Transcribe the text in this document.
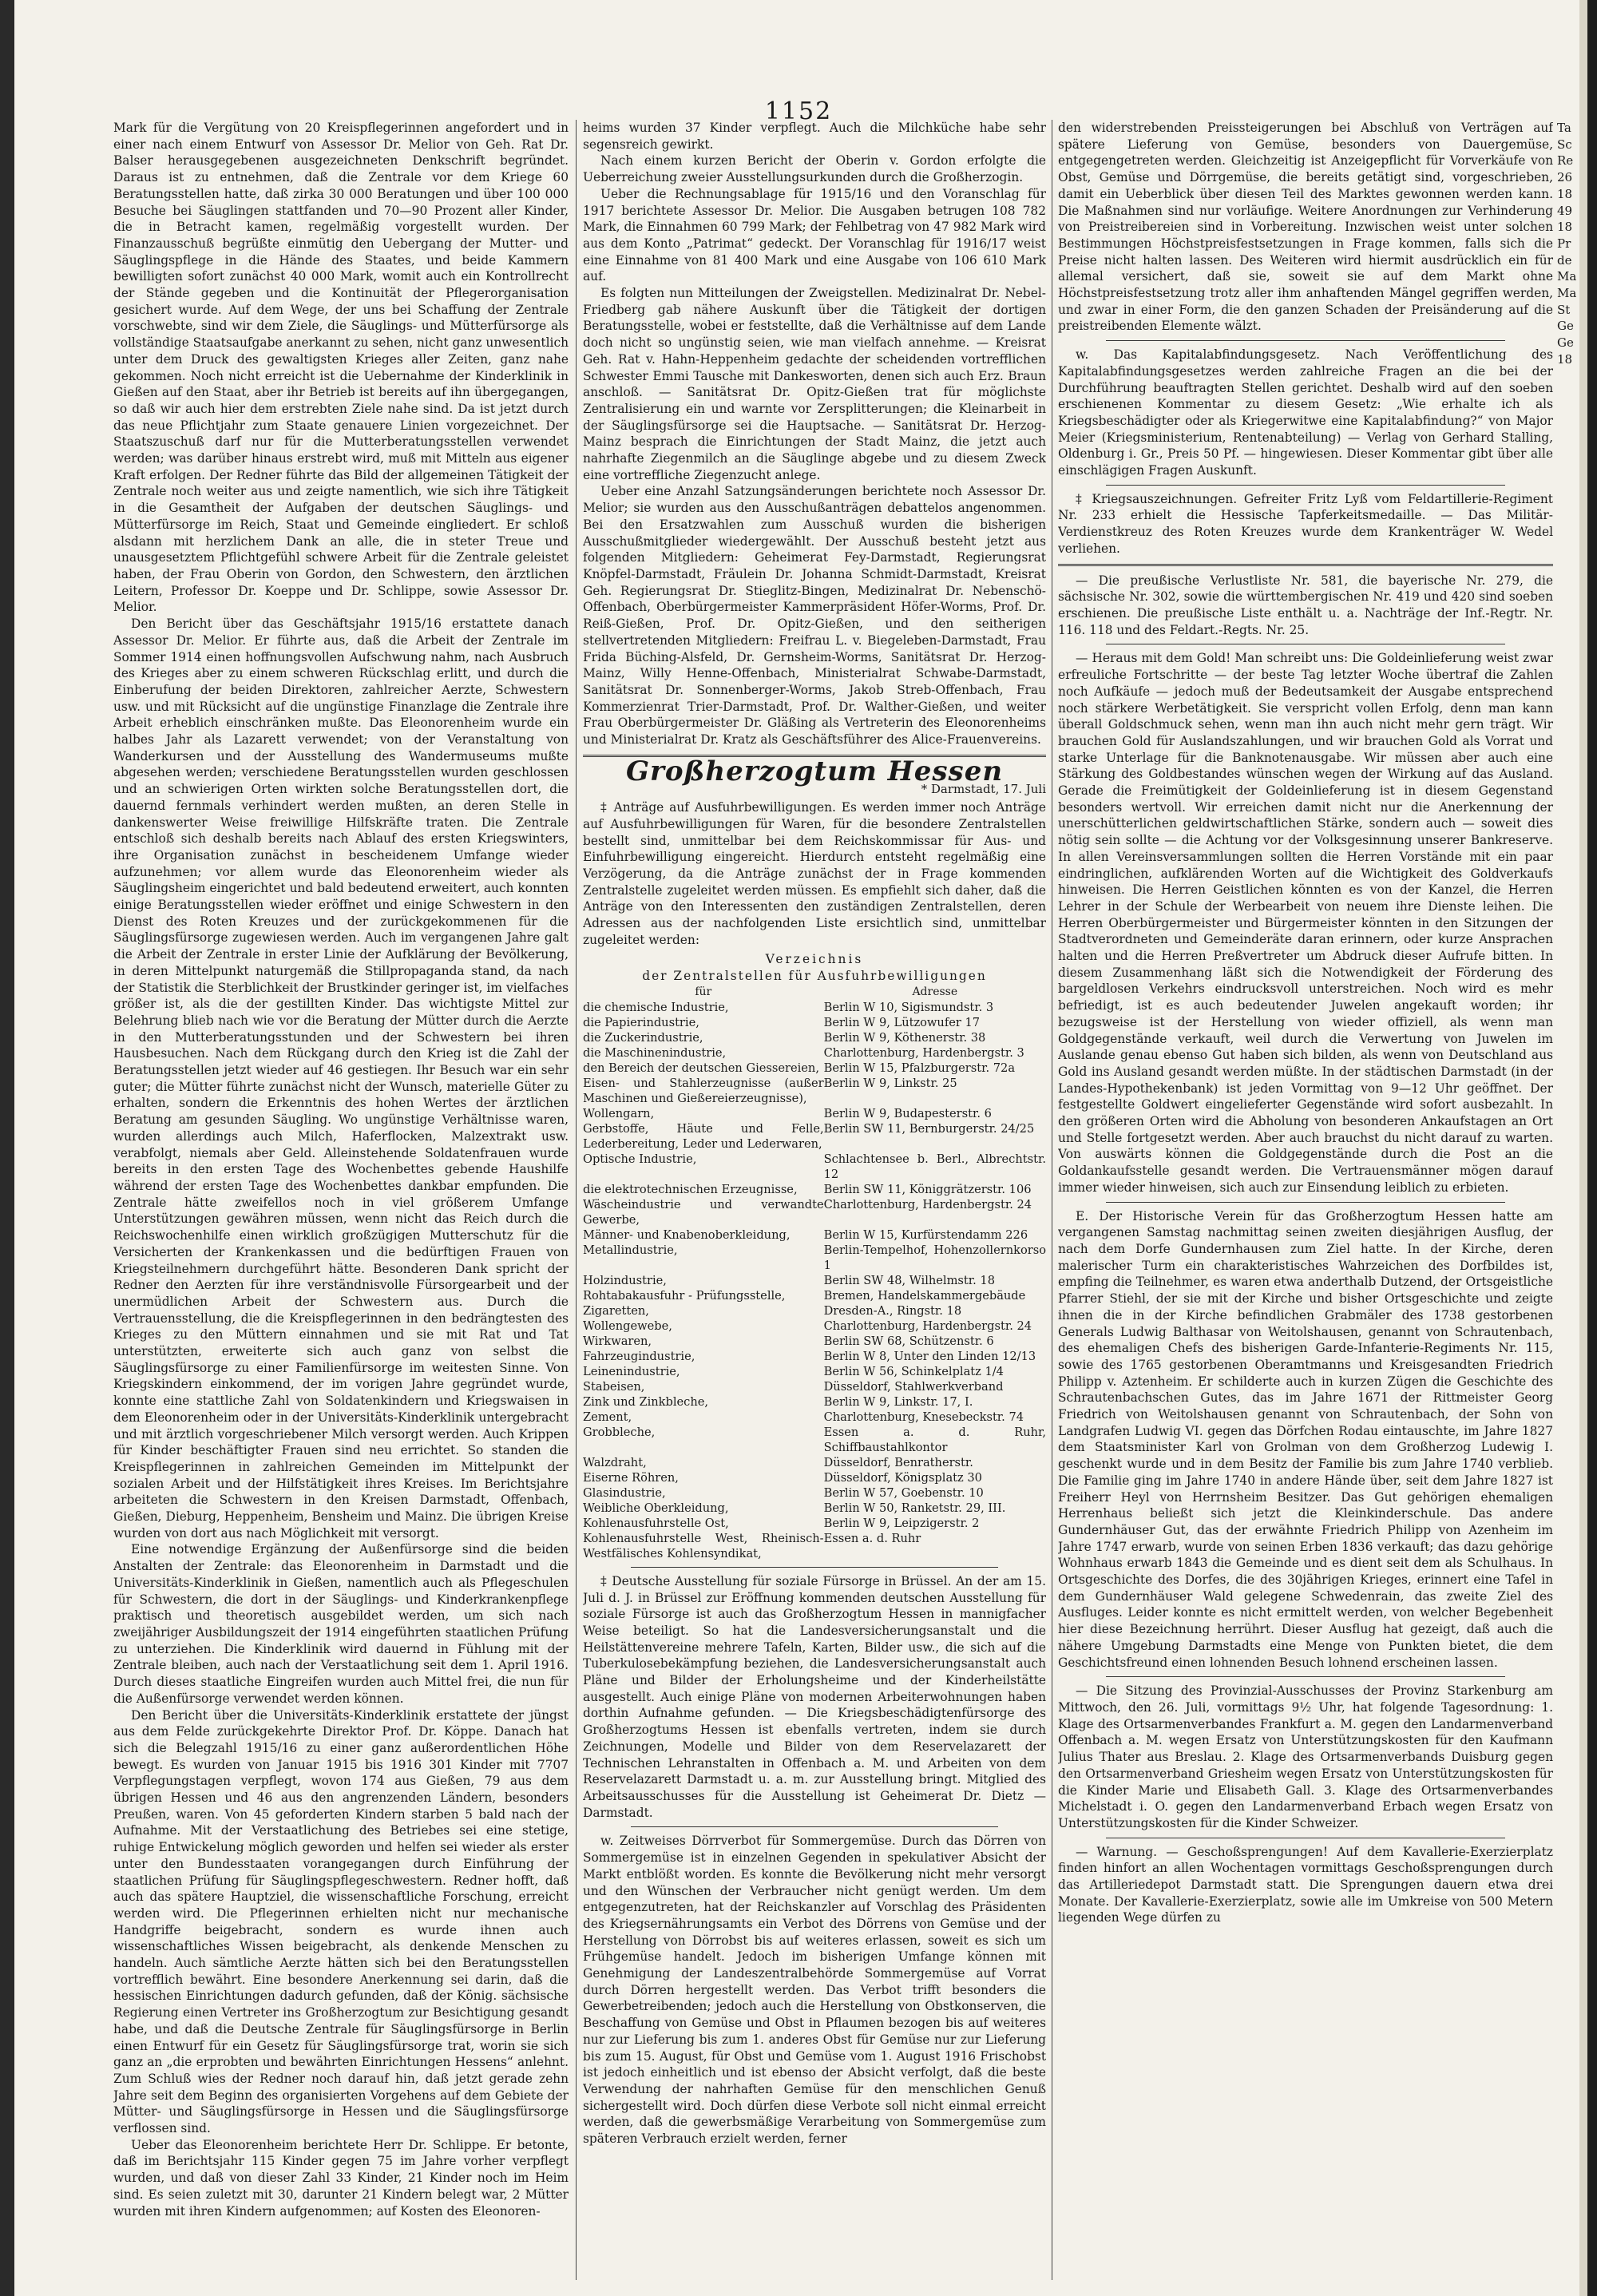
1152

Mark für die Vergütung von 20 Kreispflegerinnen angefordert und in einer nach einem Entwurf von Assessor Dr. Melior von Geh. Rat Dr. Balser herausgegebenen ausgezeichneten Denkschrift begründet. Daraus ist zu entnehmen, daß die Zentrale vor dem Kriege 60 Beratungsstellen hatte, daß zirka 30 000 Beratungen und über 100 000 Besuche bei Säuglingen stattfanden und 70—90 Prozent aller Kinder, die in Betracht kamen, regelmäßig vorgestellt wurden. Der Finanzausschuß begrüßte einmütig den Uebergang der Mutter- und Säuglingspflege in die Hände des Staates, und beide Kammern bewilligten sofort zunächst 40 000 Mark, womit auch ein Kontrollrecht der Stände gegeben und die Kontinuität der Pflegerorganisation gesichert wurde. Auf dem Wege, der uns bei Schaffung der Zentrale vorschwebte, sind wir dem Ziele, die Säuglings- und Mütterfürsorge als vollständige Staatsaufgabe anerkannt zu sehen, nicht ganz unwesentlich unter dem Druck des gewaltigsten Krieges aller Zeiten, ganz nahe gekommen. Noch nicht erreicht ist die Uebernahme der Kinderklinik in Gießen auf den Staat, aber ihr Betrieb ist bereits auf ihn übergegangen, so daß wir auch hier dem erstrebten Ziele nahe sind. Da ist jetzt durch das neue Pflichtjahr zum Staate genauere Linien vorgezeichnet. Der Staatszuschuß darf nur für die Mutterberatungsstellen verwendet werden; was darüber hinaus erstrebt wird, muß mit Mitteln aus eigener Kraft erfolgen. Der Redner führte das Bild der allgemeinen Tätigkeit der Zentrale noch weiter aus und zeigte namentlich, wie sich ihre Tätigkeit in die Gesamtheit der Aufgaben der deutschen Säuglings- und Mütterfürsorge im Reich, Staat und Gemeinde eingliedert. Er schloß alsdann mit herzlichem Dank an alle, die in steter Treue und unausgesetztem Pflichtgefühl schwere Arbeit für die Zentrale geleistet haben, der Frau Oberin von Gordon, den Schwestern, den ärztlichen Leitern, Professor Dr. Koeppe und Dr. Schlippe, sowie Assessor Dr. Melior.

Den Bericht über das Geschäftsjahr 1915/16 erstattete danach Assessor Dr. Melior. Er führte aus, daß die Arbeit der Zentrale im Sommer 1914 einen hoffnungsvollen Aufschwung nahm, nach Ausbruch des Krieges aber zu einem schweren Rückschlag erlitt, und durch die Einberufung der beiden Direktoren, zahlreicher Aerzte, Schwestern usw. und mit Rücksicht auf die ungünstige Finanzlage die Zentrale ihre Arbeit erheblich einschränken mußte. Das Eleonorenheim wurde ein halbes Jahr als Lazarett verwendet; von der Veranstaltung von Wanderkursen und der Ausstellung des Wandermuseums mußte abgesehen werden; verschiedene Beratungsstellen wurden geschlossen und an schwierigen Orten wirkten solche Beratungsstellen dort, die dauernd fernmals verhindert werden mußten, an deren Stelle in dankenswerter Weise freiwillige Hilfskräfte traten. Die Zentrale entschloß sich deshalb bereits nach Ablauf des ersten Kriegswinters, ihre Organisation zunächst in bescheidenem Umfange wieder aufzunehmen; vor allem wurde das Eleonorenheim wieder als Säuglingsheim eingerichtet und bald bedeutend erweitert, auch konnten einige Beratungsstellen wieder eröffnet und einige Schwestern in den Dienst des Roten Kreuzes und der zurückgekommenen für die Säuglingsfürsorge zugewiesen werden. Auch im vergangenen Jahre galt die Arbeit der Zentrale in erster Linie der Aufklärung der Bevölkerung, in deren Mittelpunkt naturgemäß die Stillpropaganda stand, da nach der Statistik die Sterblichkeit der Brustkinder geringer ist, im vielfaches größer ist, als die der gestillten Kinder. Das wichtigste Mittel zur Belehrung blieb nach wie vor die Beratung der Mütter durch die Aerzte in den Mutterberatungsstunden und der Schwestern bei ihren Hausbesuchen. Nach dem Rückgang durch den Krieg ist die Zahl der Beratungsstellen jetzt wieder auf 46 gestiegen. Ihr Besuch war ein sehr guter; die Mütter führte zunächst nicht der Wunsch, materielle Güter zu erhalten, sondern die Erkenntnis des hohen Wertes der ärztlichen Beratung am gesunden Säugling. Wo ungünstige Verhältnisse waren, wurden allerdings auch Milch, Haferflocken, Malzextrakt usw. verabfolgt, niemals aber Geld. Alleinstehende Soldatenfrauen wurde bereits in den ersten Tage des Wochenbettes gebende Haushilfe während der ersten Tage des Wochenbettes dankbar empfunden. Die Zentrale hätte zweifellos noch in viel größerem Umfange Unterstützungen gewähren müssen, wenn nicht das Reich durch die Reichswochenhilfe einen wirklich großzügigen Mutterschutz für die Versicherten der Krankenkassen und die bedürftigen Frauen von Kriegsteilnehmern durchgeführt hätte. Besonderen Dank spricht der Redner den Aerzten für ihre verständnisvolle Fürsorgearbeit und der unermüdlichen Arbeit der Schwestern aus. Durch die Vertrauensstellung, die die Kreispflegerinnen in den bedrängtesten des Krieges zu den Müttern einnahmen und sie mit Rat und Tat unterstützten, erweiterte sich auch ganz von selbst die Säuglingsfürsorge zu einer Familienfürsorge im weitesten Sinne. Von Kriegskindern einkommend, der im vorigen Jahre gegründet wurde, konnte eine stattliche Zahl von Soldatenkindern und Kriegswaisen in dem Eleonorenheim oder in der Universitäts-Kinderklinik untergebracht und mit ärztlich vorgeschriebener Milch versorgt werden. Auch Krippen für Kinder beschäftigter Frauen sind neu errichtet. So standen die Kreispflegerinnen in zahlreichen Gemeinden im Mittelpunkt der sozialen Arbeit und der Hilfstätigkeit ihres Kreises. Im Berichtsjahre arbeiteten die Schwestern in den Kreisen Darmstadt, Offenbach, Gießen, Dieburg, Heppenheim, Bensheim und Mainz. Die übrigen Kreise wurden von dort aus nach Möglichkeit mit versorgt.

Eine notwendige Ergänzung der Außenfürsorge sind die beiden Anstalten der Zentrale: das Eleonorenheim in Darmstadt und die Universitäts-Kinderklinik in Gießen, namentlich auch als Pflegeschulen für Schwestern, die dort in der Säuglings- und Kinderkrankenpflege praktisch und theoretisch ausgebildet werden, um sich nach zweijähriger Ausbildungszeit der 1914 eingeführten staatlichen Prüfung zu unterziehen. Die Kinderklinik wird dauernd in Fühlung mit der Zentrale bleiben, auch nach der Verstaatlichung seit dem 1. April 1916. Durch dieses staatliche Eingreifen wurden auch Mittel frei, die nun für die Außenfürsorge verwendet werden können.

Den Bericht über die Universitäts-Kinderklinik erstattete der jüngst aus dem Felde zurückgekehrte Direktor Prof. Dr. Köppe. Danach hat sich die Belegzahl 1915/16 zu einer ganz außerordentlichen Höhe bewegt. Es wurden von Januar 1915 bis 1916 301 Kinder mit 7707 Verpflegungstagen verpflegt, wovon 174 aus Gießen, 79 aus dem übrigen Hessen und 46 aus den angrenzenden Ländern, besonders Preußen, waren. Von 45 geforderten Kindern starben 5 bald nach der Aufnahme. Mit der Verstaatlichung des Betriebes sei eine stetige, ruhige Entwickelung möglich geworden und helfen sei wieder als erster unter den Bundesstaaten vorangegangen durch Einführung der staatlichen Prüfung für Säuglingspflegeschwestern. Redner hofft, daß auch das spätere Hauptziel, die wissenschaftliche Forschung, erreicht werden wird. Die Pflegerinnen erhielten nicht nur mechanische Handgriffe beigebracht, sondern es wurde ihnen auch wissenschaftliches Wissen beigebracht, als denkende Menschen zu handeln. Auch sämtliche Aerzte hätten sich bei den Beratungsstellen vortrefflich bewährt. Eine besondere Anerkennung sei darin, daß die hessischen Einrichtungen dadurch gefunden, daß der König. sächsische Regierung einen Vertreter ins Großherzogtum zur Besichtigung gesandt habe, und daß die Deutsche Zentrale für Säuglingsfürsorge in Berlin einen Entwurf für ein Gesetz für Säuglingsfürsorge trat, worin sie sich ganz an „die erprobten und bewährten Einrichtungen Hessens“ anlehnt. Zum Schluß wies der Redner noch darauf hin, daß jetzt gerade zehn Jahre seit dem Beginn des organisierten Vorgehens auf dem Gebiete der Mütter- und Säuglingsfürsorge in Hessen und die Säuglingsfürsorge verflossen sind.

Ueber das Eleonorenheim berichtete Herr Dr. Schlippe. Er betonte, daß im Berichtsjahr 115 Kinder gegen 75 im Jahre vorher verpflegt wurden, und daß von dieser Zahl 33 Kinder, 21 Kinder noch im Heim sind. Es seien zuletzt mit 30, darunter 21 Kindern belegt war, 2 Mütter wurden mit ihren Kindern aufgenommen; auf Kosten des Eleonoren-

heims wurden 37 Kinder verpflegt. Auch die Milchküche habe sehr segensreich gewirkt.

Nach einem kurzen Bericht der Oberin v. Gordon erfolgte die Ueberreichung zweier Ausstellungsurkunden durch die Großherzogin.

Ueber die Rechnungsablage für 1915/16 und den Voranschlag für 1917 berichtete Assessor Dr. Melior. Die Ausgaben betrugen 108 782 Mark, die Einnahmen 60 799 Mark; der Fehlbetrag von 47 982 Mark wird aus dem Konto „Patrimat“ gedeckt. Der Voranschlag für 1916/17 weist eine Einnahme von 81 400 Mark und eine Ausgabe von 106 610 Mark auf.

Es folgten nun Mitteilungen der Zweigstellen. Medizinalrat Dr. Nebel-Friedberg gab nähere Auskunft über die Tätigkeit der dortigen Beratungsstelle, wobei er feststellte, daß die Verhältnisse auf dem Lande doch nicht so ungünstig seien, wie man vielfach annehme. — Kreisrat Geh. Rat v. Hahn-Heppenheim gedachte der scheidenden vortrefflichen Schwester Emmi Tausche mit Dankesworten, denen sich auch Erz. Braun anschloß. — Sanitätsrat Dr. Opitz-Gießen trat für möglichste Zentralisierung ein und warnte vor Zersplitterungen; die Kleinarbeit in der Säuglingsfürsorge sei die Hauptsache. — Sanitätsrat Dr. Herzog-Mainz besprach die Einrichtungen der Stadt Mainz, die jetzt auch nahrhafte Ziegenmilch an die Säuglinge abgebe und zu diesem Zweck eine vortreffliche Ziegenzucht anlege.

Ueber eine Anzahl Satzungsänderungen berichtete noch Assessor Dr. Melior; sie wurden aus den Ausschußanträgen debattelos angenommen. Bei den Ersatzwahlen zum Ausschuß wurden die bisherigen Ausschußmitglieder wiedergewählt. Der Ausschuß besteht jetzt aus folgenden Mitgliedern: Geheimerat Fey-Darmstadt, Regierungsrat Knöpfel-Darmstadt, Fräulein Dr. Johanna Schmidt-Darmstadt, Kreisrat Geh. Regierungsrat Dr. Stieglitz-Bingen, Medizinalrat Dr. Nebenschö-Offenbach, Oberbürgermeister Kammerpräsident Höfer-Worms, Prof. Dr. Reiß-Gießen, Prof. Dr. Opitz-Gießen, und den seitherigen stellvertretenden Mitgliedern: Freifrau L. v. Biegeleben-Darmstadt, Frau Frida Büching-Alsfeld, Dr. Gernsheim-Worms, Sanitätsrat Dr. Herzog-Mainz, Willy Henne-Offenbach, Ministerialrat Schwabe-Darmstadt, Sanitätsrat Dr. Sonnenberger-Worms, Jakob Streb-Offenbach, Frau Kommerzienrat Trier-Darmstadt, Prof. Dr. Walther-Gießen, und weiter Frau Oberbürgermeister Dr. Gläßing als Vertreterin des Eleonorenheims und Ministerialrat Dr. Kratz als Geschäftsführer des Alice-Frauenvereins.

Großherzogtum Hessen
* Darmstadt, 17. Juli

‡ Anträge auf Ausfuhrbewilligungen. Es werden immer noch Anträge auf Ausfuhrbewilligungen für Waren, für die besondere Zentralstellen bestellt sind, unmittelbar bei dem Reichskommissar für Aus- und Einfuhrbewilligung eingereicht. Hierdurch entsteht regelmäßig eine Verzögerung, da die Anträge zunächst der in Frage kommenden Zentralstelle zugeleitet werden müssen. Es empfiehlt sich daher, daß die Anträge von den Interessenten den zuständigen Zentralstellen, deren Adressen aus der nachfolgenden Liste ersichtlich sind, unmittelbar zugeleitet werden:

Verzeichnis
der Zentralstellen für Ausfuhrbewilligungen
für	Adresse
die chemische Industrie,	Berlin W 10, Sigismundstr. 3
die Papierindustrie,	Berlin W 9, Lützowufer 17
die Zuckerindustrie,	Berlin W 9, Köthenerstr. 38
die Maschinenindustrie,	Charlottenburg, Hardenbergstr. 3
den Bereich der deutschen Giessereien,	Berlin W 15, Pfalzburgerstr. 72a
Eisen- und Stahlerzeugnisse (außer Maschinen und Gießereierzeugnisse),	Berlin W 9, Linkstr. 25
Wollengarn,	Berlin W 9, Budapesterstr. 6
Gerbstoffe, Häute und Felle, Lederbereitung, Leder und Lederwaren,	Berlin SW 11, Bernburgerstr. 24/25
Optische Industrie,	Schlachtensee b. Berl., Albrechtstr. 12
die elektrotechnischen Erzeugnisse,	Berlin SW 11, Königgrätzerstr. 106
Wäscheindustrie und verwandte Gewerbe,	Charlottenburg, Hardenbergstr. 24
Männer- und Knabenoberkleidung,	Berlin W 15, Kurfürstendamm 226
Metallindustrie,	Berlin-Tempelhof, Hohenzollernkorso 1
Holzindustrie,	Berlin SW 48, Wilhelmstr. 18
Rohtabakausfuhr - Prüfungsstelle,	Bremen, Handelskammergebäude
Zigaretten,	Dresden-A., Ringstr. 18
Wollengewebe,	Charlottenburg, Hardenbergstr. 24
Wirkwaren,	Berlin SW 68, Schützenstr. 6
Fahrzeugindustrie,	Berlin W 8, Unter den Linden 12/13
Leinenindustrie,	Berlin W 56, Schinkelplatz 1/4
Stabeisen,	Düsseldorf, Stahlwerkverband
Zink und Zinkbleche,	Berlin W 9, Linkstr. 17, I.
Zement,	Charlottenburg, Knesebeckstr. 74
Grobbleche,	Essen a. d. Ruhr, Schiffbaustahlkontor
Walzdraht,	Düsseldorf, Benratherstr.
Eiserne Röhren,	Düsseldorf, Königsplatz 30
Glasindustrie,	Berlin W 57, Goebenstr. 10
Weibliche Oberkleidung,	Berlin W 50, Ranketstr. 29, III.
Kohlenausfuhrstelle Ost,	Berlin W 9, Leipzigerstr. 2
Kohlenausfuhrstelle West, Rheinisch-Westfälisches Kohlensyndikat,	Essen a. d. Ruhr

‡ Deutsche Ausstellung für soziale Fürsorge in Brüssel. An der am 15. Juli d. J. in Brüssel zur Eröffnung kommenden deutschen Ausstellung für soziale Fürsorge ist auch das Großherzogtum Hessen in mannigfacher Weise beteiligt. So hat die Landesversicherungsanstalt und die Heilstättenvereine mehrere Tafeln, Karten, Bilder usw., die sich auf die Tuberkulosebekämpfung beziehen, die Landesversicherungsanstalt auch Pläne und Bilder der Erholungsheime und der Kinderheilstätte ausgestellt. Auch einige Pläne von modernen Arbeiterwohnungen haben dorthin Aufnahme gefunden. — Die Kriegsbeschädigtenfürsorge des Großherzogtums Hessen ist ebenfalls vertreten, indem sie durch Zeichnungen, Modelle und Bilder von dem Reservelazarett der Technischen Lehranstalten in Offenbach a. M. und Arbeiten von dem Reservelazarett Darmstadt u. a. m. zur Ausstellung bringt. Mitglied des Arbeitsausschusses für die Ausstellung ist Geheimerat Dr. Dietz — Darmstadt.

w. Zeitweises Dörrverbot für Sommergemüse. Durch das Dörren von Sommergemüse ist in einzelnen Gegenden in spekulativer Absicht der Markt entblößt worden. Es konnte die Bevölkerung nicht mehr versorgt und den Wünschen der Verbraucher nicht genügt werden. Um dem entgegenzutreten, hat der Reichskanzler auf Vorschlag des Präsidenten des Kriegsernährungsamts ein Verbot des Dörrens von Gemüse und der Herstellung von Dörrobst bis auf weiteres erlassen, soweit es sich um Frühgemüse handelt. Jedoch im bisherigen Umfange können mit Genehmigung der Landeszentralbehörde Sommergemüse auf Vorrat durch Dörren hergestellt werden. Das Verbot trifft besonders die Gewerbetreibenden; jedoch auch die Herstellung von Obstkonserven, die Beschaffung von Gemüse und Obst in Pflaumen bezogen bis auf weiteres nur zur Lieferung bis zum 1. anderes Obst für Gemüse nur zur Lieferung bis zum 15. August, für Obst und Gemüse vom 1. August 1916 Frischobst ist jedoch einheitlich und ist ebenso der Absicht verfolgt, daß die beste Verwendung der nahrhaften Gemüse für den menschlichen Genuß sichergestellt wird. Doch dürfen diese Verbote soll nicht einmal erreicht werden, daß die gewerbsmäßige Verarbeitung von Sommergemüse zum späteren Verbrauch erzielt werden, ferner

den widerstrebenden Preissteigerungen bei Abschluß von Verträgen auf spätere Lieferung von Gemüse, besonders von Dauergemüse, entgegengetreten werden. Gleichzeitig ist Anzeigepflicht für Vorverkäufe von Obst, Gemüse und Dörrgemüse, die bereits getätigt sind, vorgeschrieben, damit ein Ueberblick über diesen Teil des Marktes gewonnen werden kann. Die Maßnahmen sind nur vorläufige. Weitere Anordnungen zur Verhinderung von Preistreibereien sind in Vorbereitung. Inzwischen weist unter solchen Bestimmungen Höchstpreisfestsetzungen in Frage kommen, falls sich die Preise nicht halten lassen. Des Weiteren wird hiermit ausdrücklich ein für allemal versichert, daß sie, soweit sie auf dem Markt ohne Höchstpreisfestsetzung trotz aller ihm anhaftenden Mängel gegriffen werden, und zwar in einer Form, die den ganzen Schaden der Preisänderung auf die preistreibenden Elemente wälzt.

w. Das Kapitalabfindungsgesetz. Nach Veröffentlichung des Kapitalabfindungsgesetzes werden zahlreiche Fragen an die bei der Durchführung beauftragten Stellen gerichtet. Deshalb wird auf den soeben erschienenen Kommentar zu diesem Gesetz: „Wie erhalte ich als Kriegsbeschädigter oder als Kriegerwitwe eine Kapitalabfindung?“ von Major Meier (Kriegsministerium, Rentenabteilung) — Verlag von Gerhard Stalling, Oldenburg i. Gr., Preis 50 Pf. — hingewiesen. Dieser Kommentar gibt über alle einschlägigen Fragen Auskunft.

‡ Kriegsauszeichnungen. Gefreiter Fritz Lyß vom Feldartillerie-Regiment Nr. 233 erhielt die Hessische Tapferkeitsmedaille. — Das Militär-Verdienstkreuz des Roten Kreuzes wurde dem Krankenträger W. Wedel verliehen.

— Die preußische Verlustliste Nr. 581, die bayerische Nr. 279, die sächsische Nr. 302, sowie die württembergischen Nr. 419 und 420 sind soeben erschienen. Die preußische Liste enthält u. a. Nachträge der Inf.-Regtr. Nr. 116. 118 und des Feldart.-Regts. Nr. 25.

— Heraus mit dem Gold! Man schreibt uns: Die Goldeinlieferung weist zwar erfreuliche Fortschritte — der beste Tag letzter Woche übertraf die Zahlen noch Aufkäufe — jedoch muß der Bedeutsamkeit der Ausgabe entsprechend noch stärkere Werbetätigkeit. Sie verspricht vollen Erfolg, denn man kann überall Goldschmuck sehen, wenn man ihn auch nicht mehr gern trägt. Wir brauchen Gold für Auslandszahlungen, und wir brauchen Gold als Vorrat und starke Unterlage für die Banknotenausgabe. Wir müssen aber auch eine Stärkung des Goldbestandes wünschen wegen der Wirkung auf das Ausland. Gerade die Freimütigkeit der Goldeinlieferung ist in diesem Gegenstand besonders wertvoll. Wir erreichen damit nicht nur die Anerkennung der unerschütterlichen geldwirtschaftlichen Stärke, sondern auch — soweit dies nötig sein sollte — die Achtung vor der Volksgesinnung unserer Bankreserve. In allen Vereinsversammlungen sollten die Herren Vorstände mit ein paar eindringlichen, aufklärenden Worten auf die Wichtigkeit des Goldverkaufs hinweisen. Die Herren Geistlichen könnten es von der Kanzel, die Herren Lehrer in der Schule der Werbearbeit von neuem ihre Dienste leihen. Die Herren Oberbürgermeister und Bürgermeister könnten in den Sitzungen der Stadtverordneten und Gemeinderäte daran erinnern, oder kurze Ansprachen halten und die Herren Preßvertreter um Abdruck dieser Aufrufe bitten. In diesem Zusammenhang läßt sich die Notwendigkeit der Förderung des bargeldlosen Verkehrs eindrucksvoll unterstreichen. Noch wird es mehr befriedigt, ist es auch bedeutender Juwelen angekauft worden; ihr bezugsweise ist der Herstellung von wieder offiziell, als wenn man Goldgegenstände verkauft, weil durch die Verwertung von Juwelen im Auslande genau ebenso Gut haben sich bilden, als wenn von Deutschland aus Gold ins Ausland gesandt werden müßte. In der städtischen Darmstadt (in der Landes-Hypothekenbank) ist jeden Vormittag von 9—12 Uhr geöffnet. Der festgestellte Goldwert eingelieferter Gegenstände wird sofort ausbezahlt. In den größeren Orten wird die Abholung von besonderen Ankaufstagen an Ort und Stelle fortgesetzt werden. Aber auch brauchst du nicht darauf zu warten. Von auswärts können die Goldgegenstände durch die Post an die Goldankaufsstelle gesandt werden. Die Vertrauensmänner mögen darauf immer wieder hinweisen, sich auch zur Einsendung leiblich zu erbieten.

E. Der Historische Verein für das Großherzogtum Hessen hatte am vergangenen Samstag nachmittag seinen zweiten diesjährigen Ausflug, der nach dem Dorfe Gundernhausen zum Ziel hatte. In der Kirche, deren malerischer Turm ein charakteristisches Wahrzeichen des Dorfbildes ist, empfing die Teilnehmer, es waren etwa anderthalb Dutzend, der Ortsgeistliche Pfarrer Stiehl, der sie mit der Kirche und bisher Ortsgeschichte und zeigte ihnen die in der Kirche befindlichen Grabmäler des 1738 gestorbenen Generals Ludwig Balthasar von Weitolshausen, genannt von Schrautenbach, des ehemaligen Chefs des bisherigen Garde-Infanterie-Regiments Nr. 115, sowie des 1765 gestorbenen Oberamtmanns und Kreisgesandten Friedrich Philipp v. Aztenheim. Er schilderte auch in kurzen Zügen die Geschichte des Schrautenbachschen Gutes, das im Jahre 1671 der Rittmeister Georg Friedrich von Weitolshausen genannt von Schrautenbach, der Sohn von Landgrafen Ludwig VI. gegen das Dörfchen Rodau eintauschte, im Jahre 1827 dem Staatsminister Karl von Grolman von dem Großherzog Ludewig I. geschenkt wurde und in dem Besitz der Familie bis zum Jahre 1740 verblieb. Die Familie ging im Jahre 1740 in andere Hände über, seit dem Jahre 1827 ist Freiherr Heyl von Herrnsheim Besitzer. Das Gut gehörigen ehemaligen Herrenhaus beließt sich jetzt die Kleinkinderschule. Das andere Gundernhäuser Gut, das der erwähnte Friedrich Philipp von Azenheim im Jahre 1747 erwarb, wurde von seinen Erben 1836 verkauft; das dazu gehörige Wohnhaus erwarb 1843 die Gemeinde und es dient seit dem als Schulhaus. In Ortsgeschichte des Dorfes, die des 30jährigen Krieges, erinnert eine Tafel in dem Gundernhäuser Wald gelegene Schwedenrain, das zweite Ziel des Ausfluges. Leider konnte es nicht ermittelt werden, von welcher Begebenheit hier diese Bezeichnung herrührt. Dieser Ausflug hat gezeigt, daß auch die nähere Umgebung Darmstadts eine Menge von Punkten bietet, die dem Geschichtsfreund einen lohnenden Besuch lohnend erscheinen lassen.

— Die Sitzung des Provinzial-Ausschusses der Provinz Starkenburg am Mittwoch, den 26. Juli, vormittags 9½ Uhr, hat folgende Tagesordnung: 1. Klage des Ortsarmenverbandes Frankfurt a. M. gegen den Landarmenverband Offenbach a. M. wegen Ersatz von Unterstützungskosten für den Kaufmann Julius Thater aus Breslau. 2. Klage des Ortsarmenverbands Duisburg gegen den Ortsarmenverband Griesheim wegen Ersatz von Unterstützungskosten für die Kinder Marie und Elisabeth Gall. 3. Klage des Ortsarmenverbandes Michelstadt i. O. gegen den Landarmenverband Erbach wegen Ersatz von Unterstützungskosten für die Kinder Schweizer.

— Warnung. — Geschoßsprengungen! Auf dem Kavallerie-Exerzierplatz finden hinfort an allen Wochentagen vormittags Geschoßsprengungen durch das Artilleriedepot Darmstadt statt. Die Sprengungen dauern etwa drei Monate. Der Kavallerie-Exerzierplatz, sowie alle im Umkreise von 500 Metern liegenden Wege dürfen zu

Ta Sc Re 26 18 49 18 Pr de Ma Ma St Ge Ge 18
